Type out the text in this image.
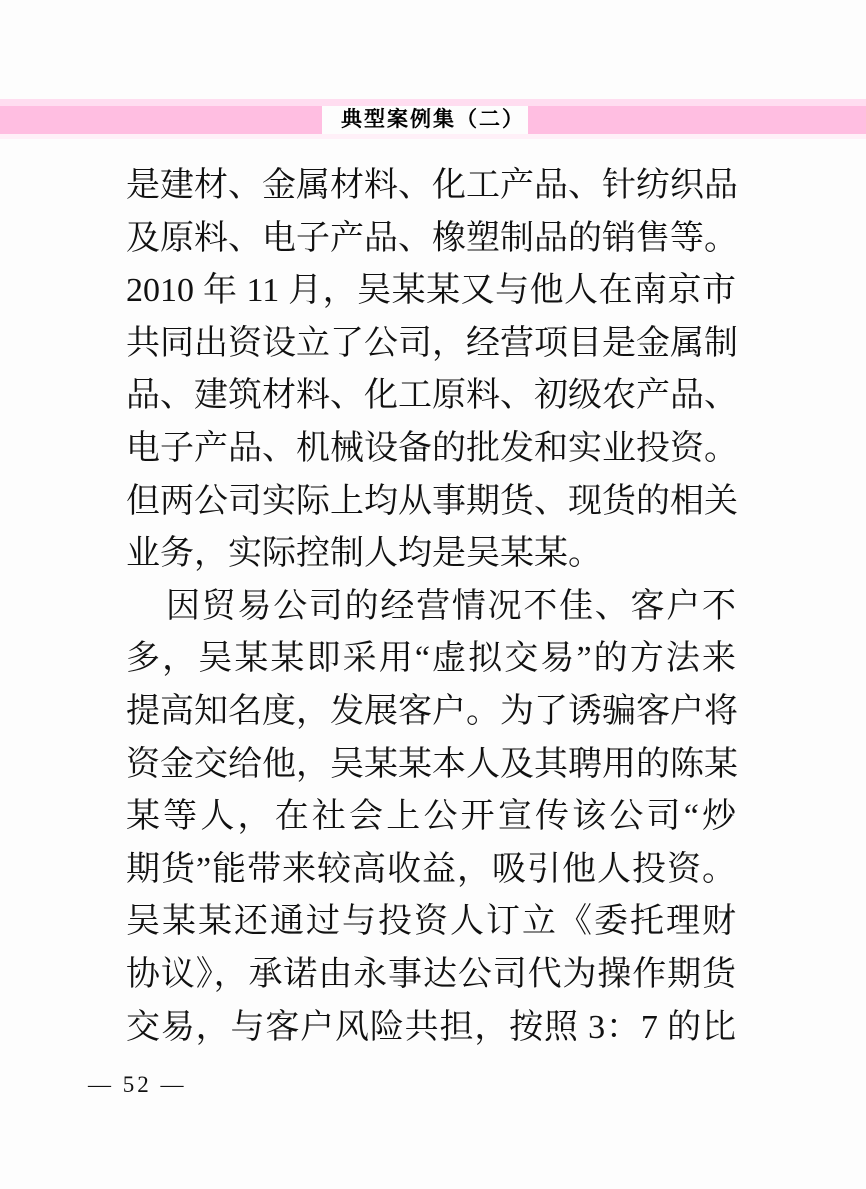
典型案例集（二）
是建材、金属材料、化工产品、针纺织品
及原料、电子产品、橡塑制品的销售等。
2010 年 11 月，吴某某又与他人在南京市
共同出资设立了公司，经营项目是金属制
品、建筑材料、化工原料、初级农产品、
电子产品、机械设备的批发和实业投资。
但两公司实际上均从事期货、现货的相关
业务，实际控制人均是吴某某。
因贸易公司的经营情况不佳、客户不
多，吴某某即采用“虚拟交易”的方法来
提高知名度，发展客户。为了诱骗客户将
资金交给他，吴某某本人及其聘用的陈某
某等人，在社会上公开宣传该公司“炒
期货”能带来较高收益，吸引他人投资。
吴某某还通过与投资人订立《委托理财
协议》，承诺由永事达公司代为操作期货
交易，与客户风险共担，按照 3：7 的比
— 52 —
